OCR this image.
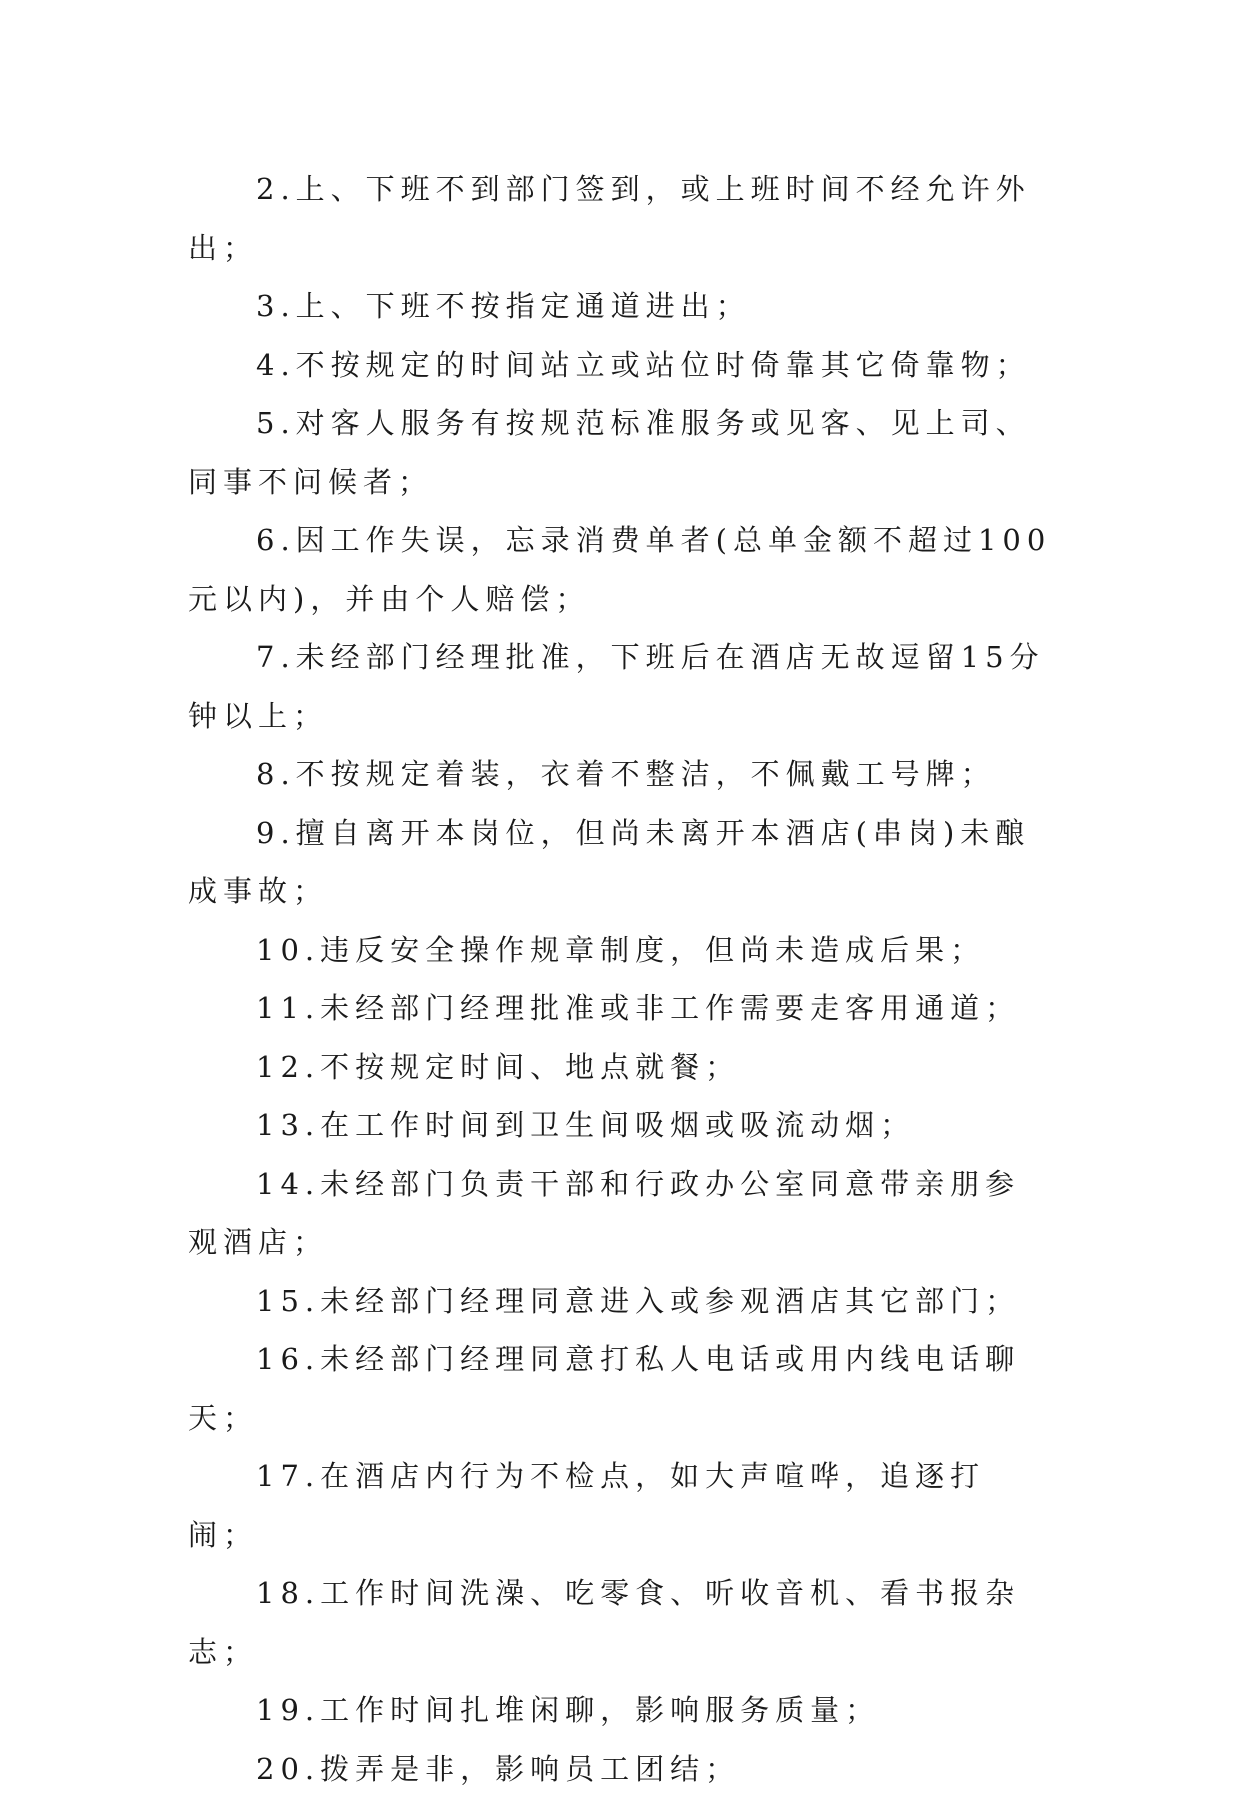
2.上、下班不到部门签到，或上班时间不经允许外出；

3.上、下班不按指定通道进出；

4.不按规定的时间站立或站位时倚靠其它倚靠物；

5.对客人服务有按规范标准服务或见客、见上司、同事不问候者；

6.因工作失误，忘录消费单者(总单金额不超过100元以内)，并由个人赔偿；

7.未经部门经理批准，下班后在酒店无故逗留15分钟以上；

8.不按规定着装，衣着不整洁，不佩戴工号牌；

9.擅自离开本岗位，但尚未离开本酒店(串岗)未酿成事故；

10.违反安全操作规章制度，但尚未造成后果；

11.未经部门经理批准或非工作需要走客用通道；

12.不按规定时间、地点就餐；

13.在工作时间到卫生间吸烟或吸流动烟；

14.未经部门负责干部和行政办公室同意带亲朋参观酒店；

15.未经部门经理同意进入或参观酒店其它部门；

16.未经部门经理同意打私人电话或用内线电话聊天；

17.在酒店内行为不检点，如大声喧哗，追逐打闹；

18.工作时间洗澡、吃零食、听收音机、看书报杂志；

19.工作时间扎堆闲聊，影响服务质量；

20.拨弄是非，影响员工团结；
